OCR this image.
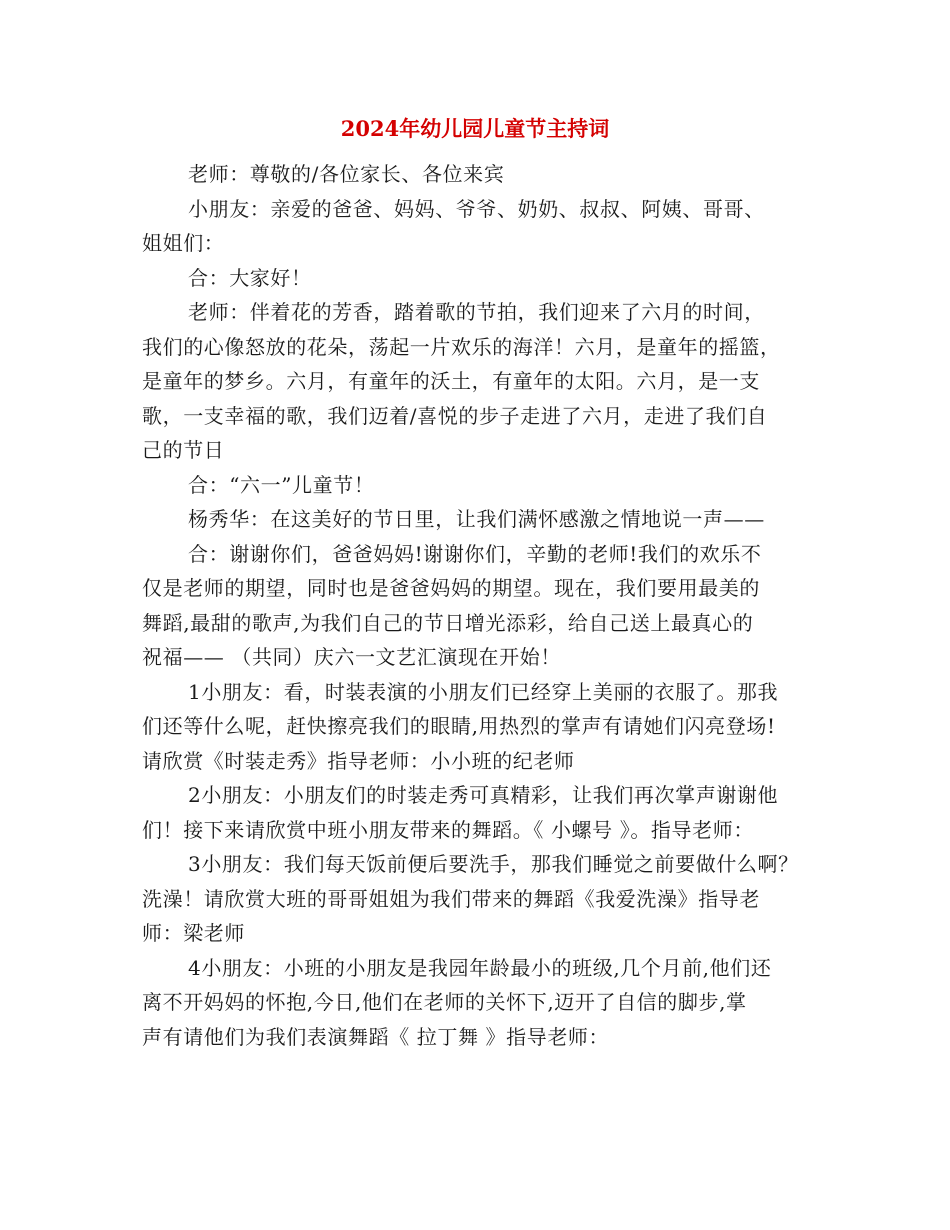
2024年幼儿园儿童节主持词
老师：尊敬的/各位家长、各位来宾
小朋友：亲爱的爸爸、妈妈、爷爷、奶奶、叔叔、阿姨、哥哥、
姐姐们：
合：大家好！
老师：伴着花的芳香，踏着歌的节拍，我们迎来了六月的时间，
我们的心像怒放的花朵，荡起一片欢乐的海洋！六月，是童年的摇篮，
是童年的梦乡。六月，有童年的沃土，有童年的太阳。六月，是一支
歌，一支幸福的歌，我们迈着/喜悦的步子走进了六月，走进了我们自
己的节日
合：“六一”儿童节！
杨秀华：在这美好的节日里，让我们满怀感激之情地说一声——
合：谢谢你们，爸爸妈妈!谢谢你们，辛勤的老师!我们的欢乐不
仅是老师的期望，同时也是爸爸妈妈的期望。现在，我们要用最美的
舞蹈,最甜的歌声,为我们自己的节日增光添彩，给自己送上最真心的
祝福—— （共同）庆六一文艺汇演现在开始！
1小朋友：看，时装表演的小朋友们已经穿上美丽的衣服了。那我
们还等什么呢，赶快擦亮我们的眼睛,用热烈的掌声有请她们闪亮登场!
请欣赏《时装走秀》指导老师：小小班的纪老师
2小朋友：小朋友们的时装走秀可真精彩，让我们再次掌声谢谢他
们！接下来请欣赏中班小朋友带来的舞蹈。《 小螺号 》。指导老师：
3小朋友：我们每天饭前便后要洗手，那我们睡觉之前要做什么啊？
洗澡！请欣赏大班的哥哥姐姐为我们带来的舞蹈《我爱洗澡》指导老
师：梁老师
4小朋友：小班的小朋友是我园年龄最小的班级,几个月前,他们还
离不开妈妈的怀抱,今日,他们在老师的关怀下,迈开了自信的脚步,掌
声有请他们为我们表演舞蹈《 拉丁舞 》指导老师：
